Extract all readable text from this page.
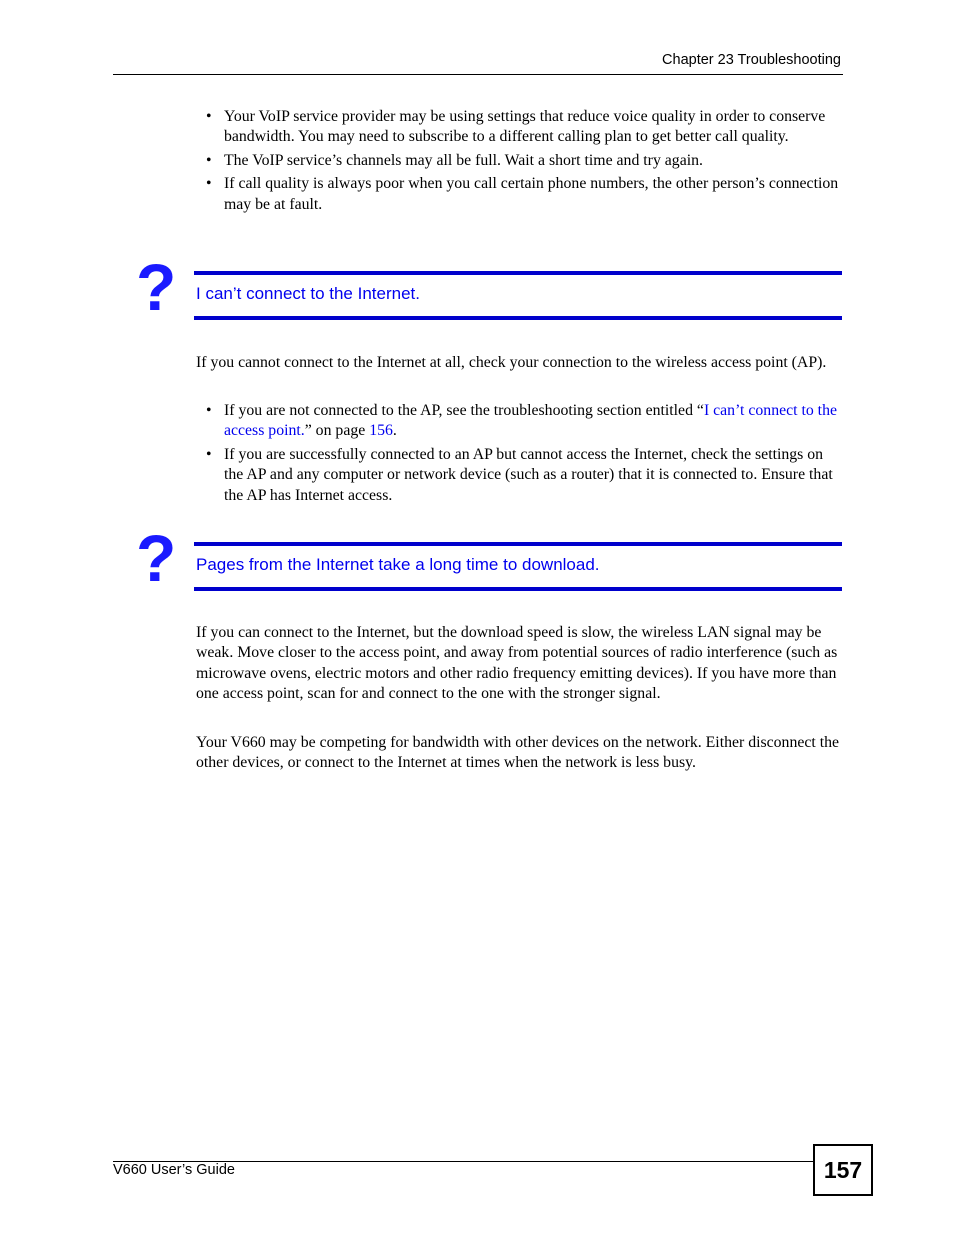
Chapter 23 Troubleshooting
• Your VoIP service provider may be using settings that reduce voice quality in order to conserve bandwidth. You may need to subscribe to a different calling plan to get better call quality.
• The VoIP service’s channels may all be full. Wait a short time and try again.
• If call quality is always poor when you call certain phone numbers, the other person’s connection may be at fault.
? I can’t connect to the Internet.

If you cannot connect to the Internet at all, check your connection to the wireless access point (AP).

• If you are not connected to the AP, see the troubleshooting section entitled “I can’t connect to the access point.” on page 156.
• If you are successfully connected to an AP but cannot access the Internet, check the settings on the AP and any computer or network device (such as a router) that it is connected to. Ensure that the AP has Internet access.
? Pages from the Internet take a long time to download.

If you can connect to the Internet, but the download speed is slow, the wireless LAN signal may be weak. Move closer to the access point, and away from potential sources of radio interference (such as microwave ovens, electric motors and other radio frequency emitting devices). If you have more than one access point, scan for and connect to the one with the stronger signal.

Your V660 may be competing for bandwidth with other devices on the network. Either disconnect the other devices, or connect to the Internet at times when the network is less busy.

V660 User’s Guide	157
